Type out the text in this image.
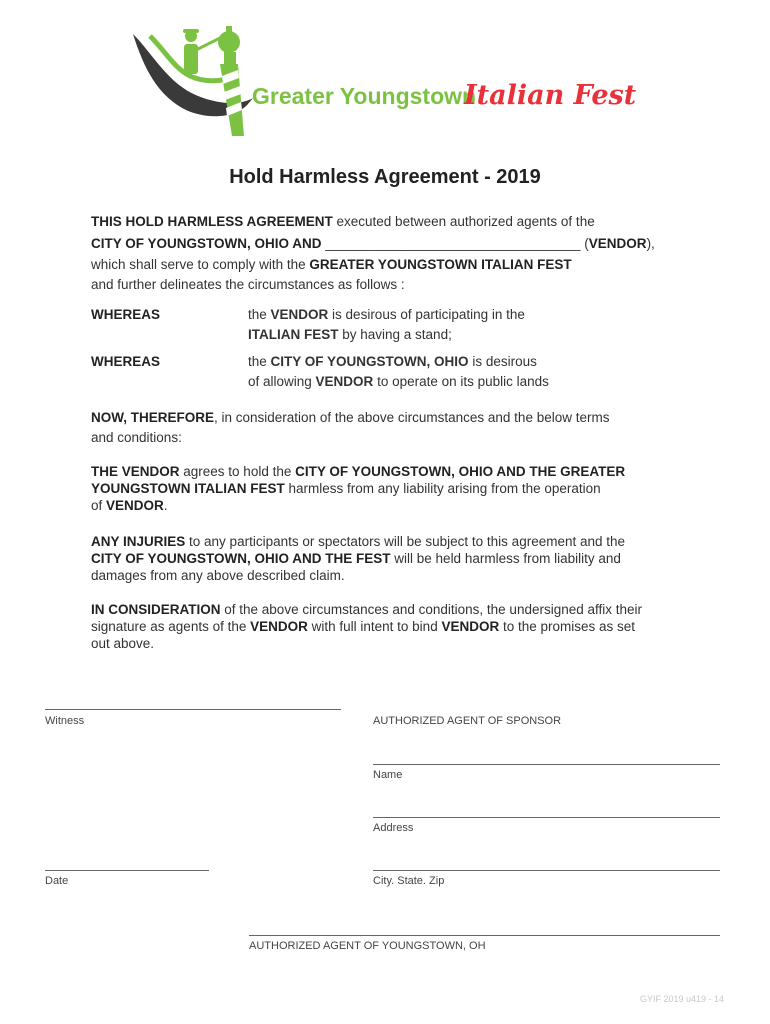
Greater Youngstown
Italian Fest
Hold Harmless Agreement - 2019
THIS HOLD HARMLESS AGREEMENT executed between authorized agents of the
CITY OF YOUNGSTOWN, OHIO AND __________________________________ (VENDOR),
which shall serve to comply with the GREATER YOUNGSTOWN ITALIAN FEST
and further delineates the circumstances as follows :
WHEREAS	the VENDOR is desirous of participating in the
ITALIAN FEST by having a stand;
WHEREAS	the CITY OF YOUNGSTOWN, OHIO is desirous
of allowing VENDOR to operate on its public lands
NOW, THEREFORE, in consideration of the above circumstances and the below terms
and conditions:
THE VENDOR agrees to hold the CITY OF YOUNGSTOWN, OHIO AND THE GREATER
YOUNGSTOWN ITALIAN FEST harmless from any liability arising from the operation
of VENDOR.
ANY INJURIES to any participants or spectators will be subject to this agreement and the
CITY OF YOUNGSTOWN, OHIO AND THE FEST will be held harmless from liability and
damages from any above described claim.
IN CONSIDERATION of the above circumstances and conditions, the undersigned affix their
signature as agents of the VENDOR with full intent to bind VENDOR to the promises as set
out above.
Witness	AUTHORIZED AGENT OF SPONSOR
Name
Address
Date	City. State. Zip
AUTHORIZED AGENT OF YOUNGSTOWN, OH
GYIF 2019 u419 - 14
